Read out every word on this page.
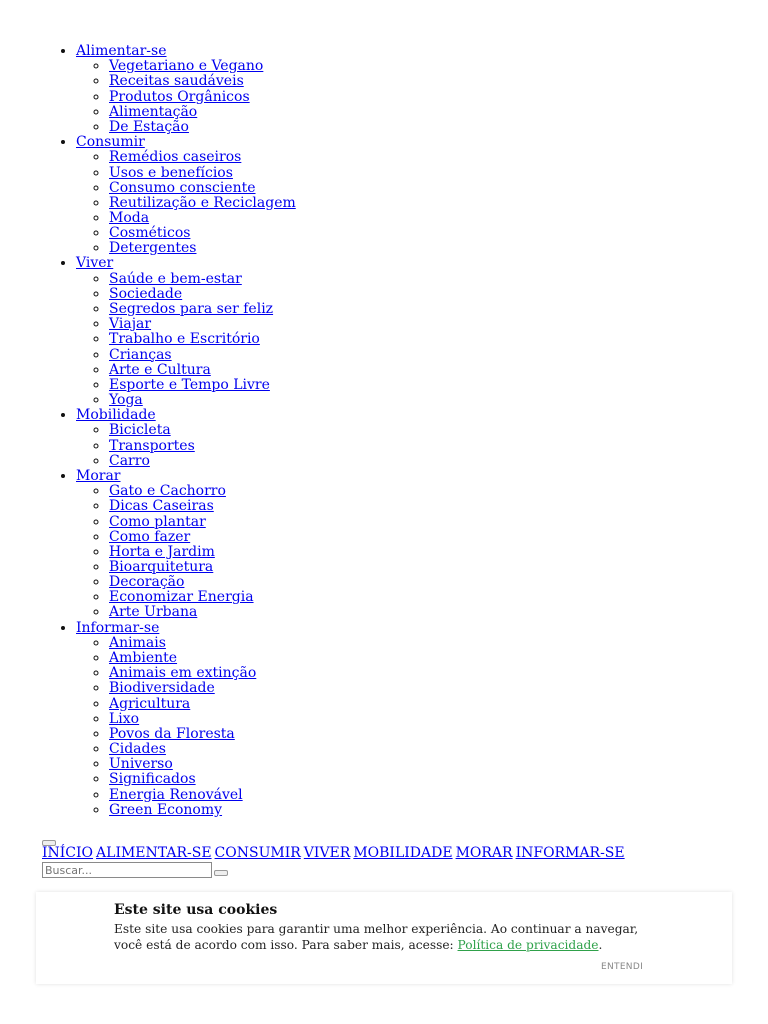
• Alimentar-se
◦ Vegetariano e Vegano
◦ Receitas saudáveis
◦ Produtos Orgânicos
◦ Alimentação
◦ De Estação
• Consumir
◦ Remédios caseiros
◦ Usos e benefícios
◦ Consumo consciente
◦ Reutilização e Reciclagem
◦ Moda
◦ Cosméticos
◦ Detergentes
• Viver
◦ Saúde e bem-estar
◦ Sociedade
◦ Segredos para ser feliz
◦ Viajar
◦ Trabalho e Escritório
◦ Crianças
◦ Arte e Cultura
◦ Esporte e Tempo Livre
◦ Yoga
• Mobilidade
◦ Bicicleta
◦ Transportes
◦ Carro
• Morar
◦ Gato e Cachorro
◦ Dicas Caseiras
◦ Como plantar
◦ Como fazer
◦ Horta e Jardim
◦ Bioarquitetura
◦ Decoração
◦ Economizar Energia
◦ Arte Urbana
• Informar-se
◦ Animais
◦ Ambiente
◦ Animais em extinção
◦ Biodiversidade
◦ Agricultura
◦ Lixo
◦ Povos da Floresta
◦ Cidades
◦ Universo
◦ Significados
◦ Energia Renovável
◦ Green Economy
INÍCIO ALIMENTAR-SE CONSUMIR VIVER MOBILIDADE MORAR INFORMAR-SE
Buscar...
Este site usa cookies
Este site usa cookies para garantir uma melhor experiência. Ao continuar a navegar, você está de acordo com isso. Para saber mais, acesse: Política de privacidade.
ENTENDI
